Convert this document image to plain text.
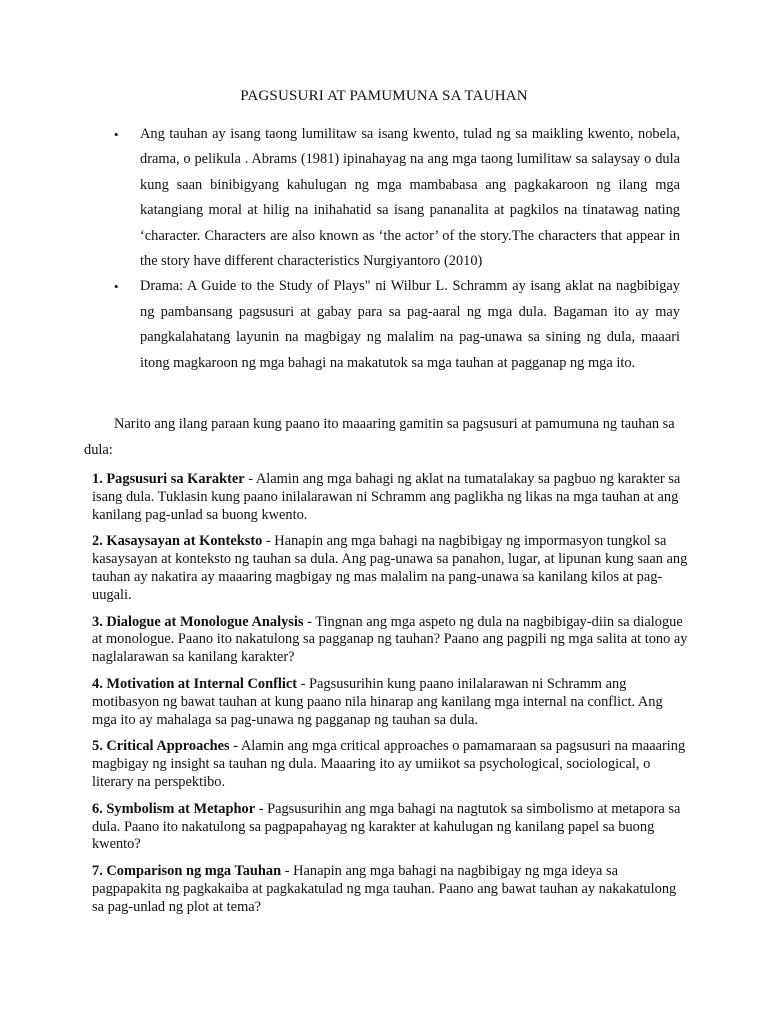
PAGSUSURI AT PAMUMUNA SA TAUHAN
• Ang tauhan ay isang taong lumilitaw sa isang kwento, tulad ng sa maikling kwento, nobela, drama, o pelikula . Abrams (1981) ipinahayag na ang mga taong lumilitaw sa salaysay o dula kung saan binibigyang kahulugan ng mga mambabasa ang pagkakaroon ng ilang mga katangiang moral at hilig na inihahatid sa isang pananalita at pagkilos na tinatawag nating ‘character. Characters are also known as ‘the actor’ of the story.The characters that appear in the story have different characteristics Nurgiyantoro (2010)
• Drama: A Guide to the Study of Plays" ni Wilbur L. Schramm ay isang aklat na nagbibigay ng pambansang pagsusuri at gabay para sa pag-aaral ng mga dula. Bagaman ito ay may pangkalahatang layunin na magbigay ng malalim na pag-unawa sa sining ng dula, maaari itong magkaroon ng mga bahagi na makatutok sa mga tauhan at pagganap ng mga ito.

Narito ang ilang paraan kung paano ito maaaring gamitin sa pagsusuri at pamumuna ng tauhan sa dula:

1. Pagsusuri sa Karakter - Alamin ang mga bahagi ng aklat na tumatalakay sa pagbuo ng karakter sa isang dula. Tuklasin kung paano inilalarawan ni Schramm ang paglikha ng likas na mga tauhan at ang kanilang pag-unlad sa buong kwento.

2. Kasaysayan at Konteksto - Hanapin ang mga bahagi na nagbibigay ng impormasyon tungkol sa kasaysayan at konteksto ng tauhan sa dula. Ang pag-unawa sa panahon, lugar, at lipunan kung saan ang tauhan ay nakatira ay maaaring magbigay ng mas malalim na pang-unawa sa kanilang kilos at pag-uugali.

3. Dialogue at Monologue Analysis - Tingnan ang mga aspeto ng dula na nagbibigay-diin sa dialogue at monologue. Paano ito nakatulong sa pagganap ng tauhan? Paano ang pagpili ng mga salita at tono ay naglalarawan sa kanilang karakter?

4. Motivation at Internal Conflict - Pagsusurihin kung paano inilalarawan ni Schramm ang motibasyon ng bawat tauhan at kung paano nila hinarap ang kanilang mga internal na conflict. Ang mga ito ay mahalaga sa pag-unawa ng pagganap ng tauhan sa dula.

5. Critical Approaches - Alamin ang mga critical approaches o pamamaraan sa pagsusuri na maaaring magbigay ng insight sa tauhan ng dula. Maaaring ito ay umiikot sa psychological, sociological, o literary na perspektibo.

6. Symbolism at Metaphor - Pagsusurihin ang mga bahagi na nagtutok sa simbolismo at metapora sa dula. Paano ito nakatulong sa pagpapahayag ng karakter at kahulugan ng kanilang papel sa buong kwento?

7. Comparison ng mga Tauhan - Hanapin ang mga bahagi na nagbibigay ng mga ideya sa pagpapakita ng pagkakaiba at pagkakatulad ng mga tauhan. Paano ang bawat tauhan ay nakakatulong sa pag-unlad ng plot at tema?
